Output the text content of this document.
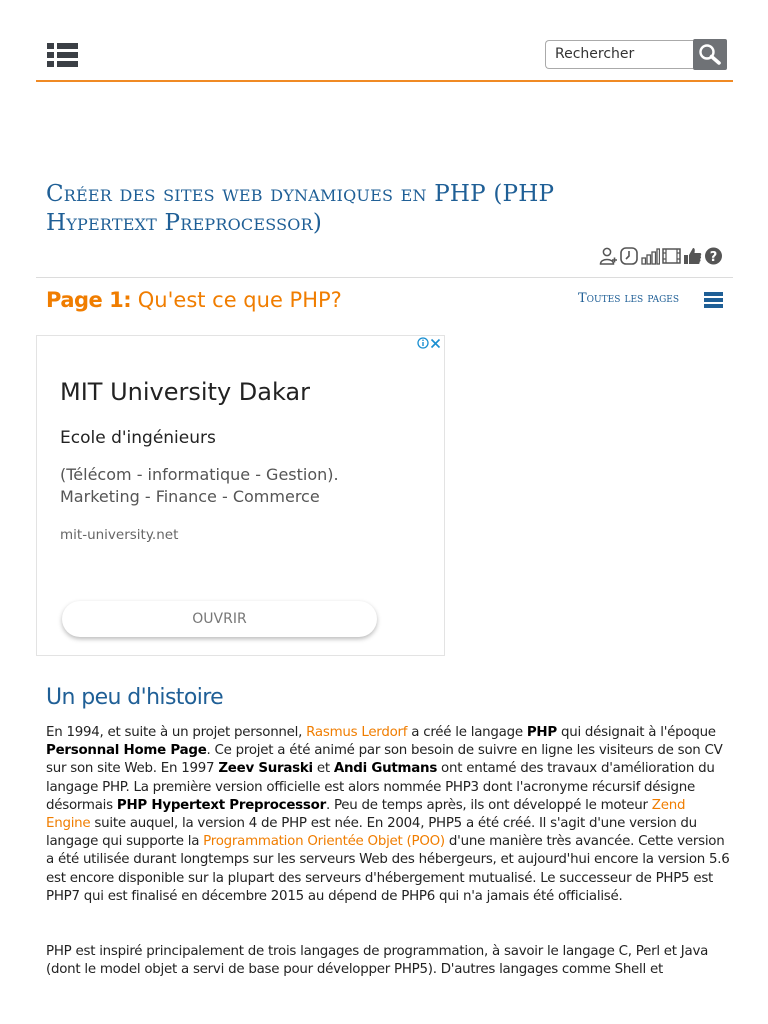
Rechercher
Créer des sites web dynamiques en PHP (PHP Hypertext Preprocessor)
?
Page 1: Qu'est ce que PHP?	Toutes les pages
MIT University Dakar
Ecole d'ingénieurs
(Télécom - informatique - Gestion).
Marketing - Finance - Commerce
mit-university.net
OUVRIR
Un peu d'histoire

En 1994, et suite à un projet personnel, Rasmus Lerdorf a créé le langage PHP qui désignait à l'époque Personnal Home Page. Ce projet a été animé par son besoin de suivre en ligne les visiteurs de son CV sur son site Web. En 1997 Zeev Suraski et Andi Gutmans ont entamé des travaux d'amélioration du langage PHP. La première version officielle est alors nommée PHP3 dont l'acronyme récursif désigne désormais PHP Hypertext Preprocessor. Peu de temps après, ils ont développé le moteur Zend Engine suite auquel, la version 4 de PHP est née. En 2004, PHP5 a été créé. Il s'agit d'une version du langage qui supporte la Programmation Orientée Objet (POO) d'une manière très avancée. Cette version a été utilisée durant longtemps sur les serveurs Web des hébergeurs, et aujourd'hui encore la version 5.6 est encore disponible sur la plupart des serveurs d'hébergement mutualisé. Le successeur de PHP5 est PHP7 qui est finalisé en décembre 2015 au dépend de PHP6 qui n'a jamais été officialisé.

PHP est inspiré principalement de trois langages de programmation, à savoir le langage C, Perl et Java (dont le model objet a servi de base pour développer PHP5). D'autres langages comme Shell et
